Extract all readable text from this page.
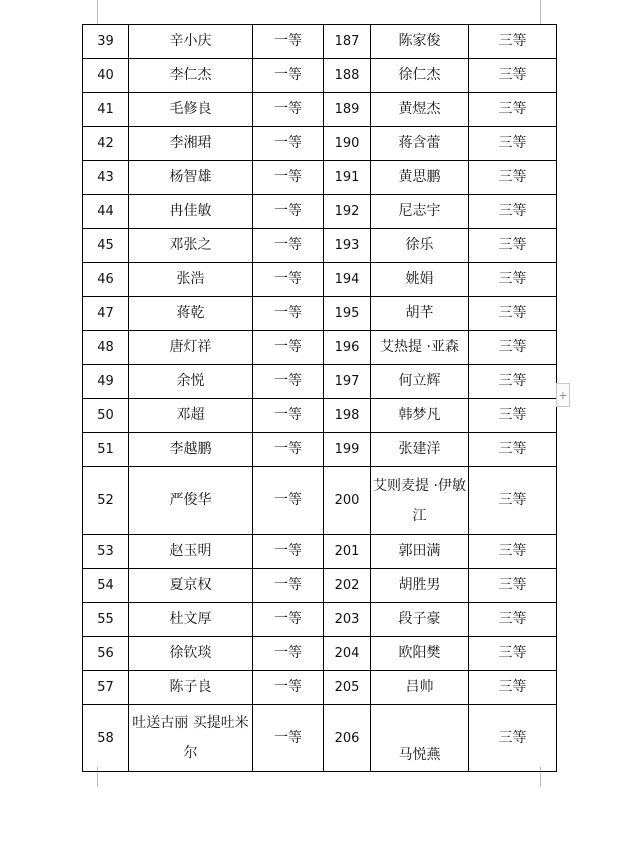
39	辛小庆	一等	187	陈家俊	三等
40	李仁杰	一等	188	徐仁杰	三等
41	毛修良	一等	189	黄煜杰	三等
42	李湘珺	一等	190	蒋含蕾	三等
43	杨智雄	一等	191	黄思鹏	三等
44	冉佳敏	一等	192	尼志宇	三等
45	邓张之	一等	193	徐乐	三等
46	张浩	一等	194	姚娟	三等
47	蒋乾	一等	195	胡芊	三等
48	唐灯祥	一等	196	艾热提 ·亚森	三等
49	余悦	一等	197	何立辉	三等
50	邓超	一等	198	韩梦凡	三等
51	李越鹏	一等	199	张建洋	三等
52	严俊华	一等	200	艾则麦提 ·伊敏江	三等
53	赵玉明	一等	201	郭田满	三等
54	夏京权	一等	202	胡胜男	三等
55	杜文厚	一等	203	段子豪	三等
56	徐钦琰	一等	204	欧阳樊	三等
57	陈子良	一等	205	吕帅	三等
58	吐送古丽 买提吐米尔	一等	206	马悦燕	三等
+
